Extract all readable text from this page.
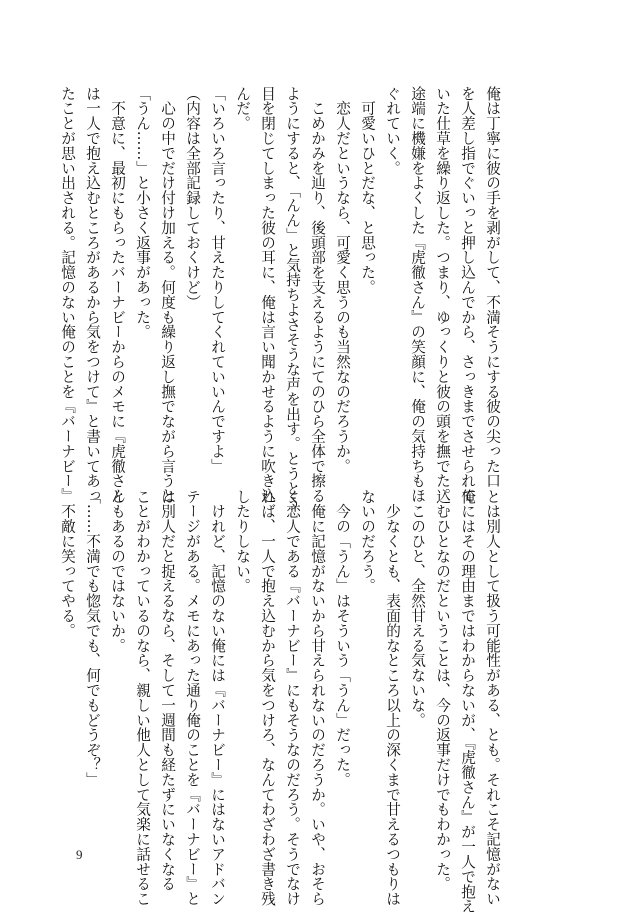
俺は丁寧に彼の手を剥がして、不満そうにする彼の尖った口
を人差し指でぐいっと押し込んでから、さっきまでさせられて
いた仕草を繰り返した。つまり、ゆっくりと彼の頭を撫でた。
途端に機嫌をよくした『虎徹さん』の笑顔に、俺の気持ちもほ
ぐれていく。
　可愛いひとだな、と思った。
　恋人だというなら、可愛く思うのも当然なのだろうか。
　こめかみを辿り、後頭部を支えるようにてのひら全体で擦る
ようにすると、「んん」と気持ちよさそうな声を出す。とうとう
目を閉じてしまった彼の耳に、俺は言い聞かせるように吹き込
んだ。
「いろいろ言ったり、甘えたりしてくれていいんですよ」
（内容は全部記録しておくけど）
　心の中でだけ付け加える。何度も繰り返し撫でながら言うと
「うん……」と小さく返事があった。
　不意に、最初にもらったバーナビーからのメモに『虎徹さん
は一人で抱え込むところがあるから気をつけて』と書いてあっ
たことが思い出される。記憶のない俺のことを『バーナビー』
とは別人として扱う可能性がある、とも。それこそ記憶がない
俺にはその理由まではわからないが、『虎徹さん』が一人で抱え
込むひとなのだということは、今の返事だけでもわかった。
　このひと、全然甘える気ないな。
　少なくとも、表面的なところ以上の深くまで甘えるつもりは
ないのだろう。
　今の「うん」はそういう「うん」だった。
　俺に記憶がないから甘えられないのだろうか。いや、おそら
く恋人である『バーナビー』にもそうなのだろう。そうでなけ
れば、一人で抱え込むから気をつけろ、なんてわざわざ書き残
したりしない。
　けれど、記憶のない俺には『バーナビー』にはないアドバン
テージがある。メモにあった通り俺のことを『バーナビー』と
は別人だと捉えるなら、そして一週間も経たずにいなくなる
ことがわかっているのなら、親しい他人として気楽に話せるこ
ともあるのではないか。
「……不満でも惚気でも、何でもどうぞ？」
　不敵に笑ってやる。
9
